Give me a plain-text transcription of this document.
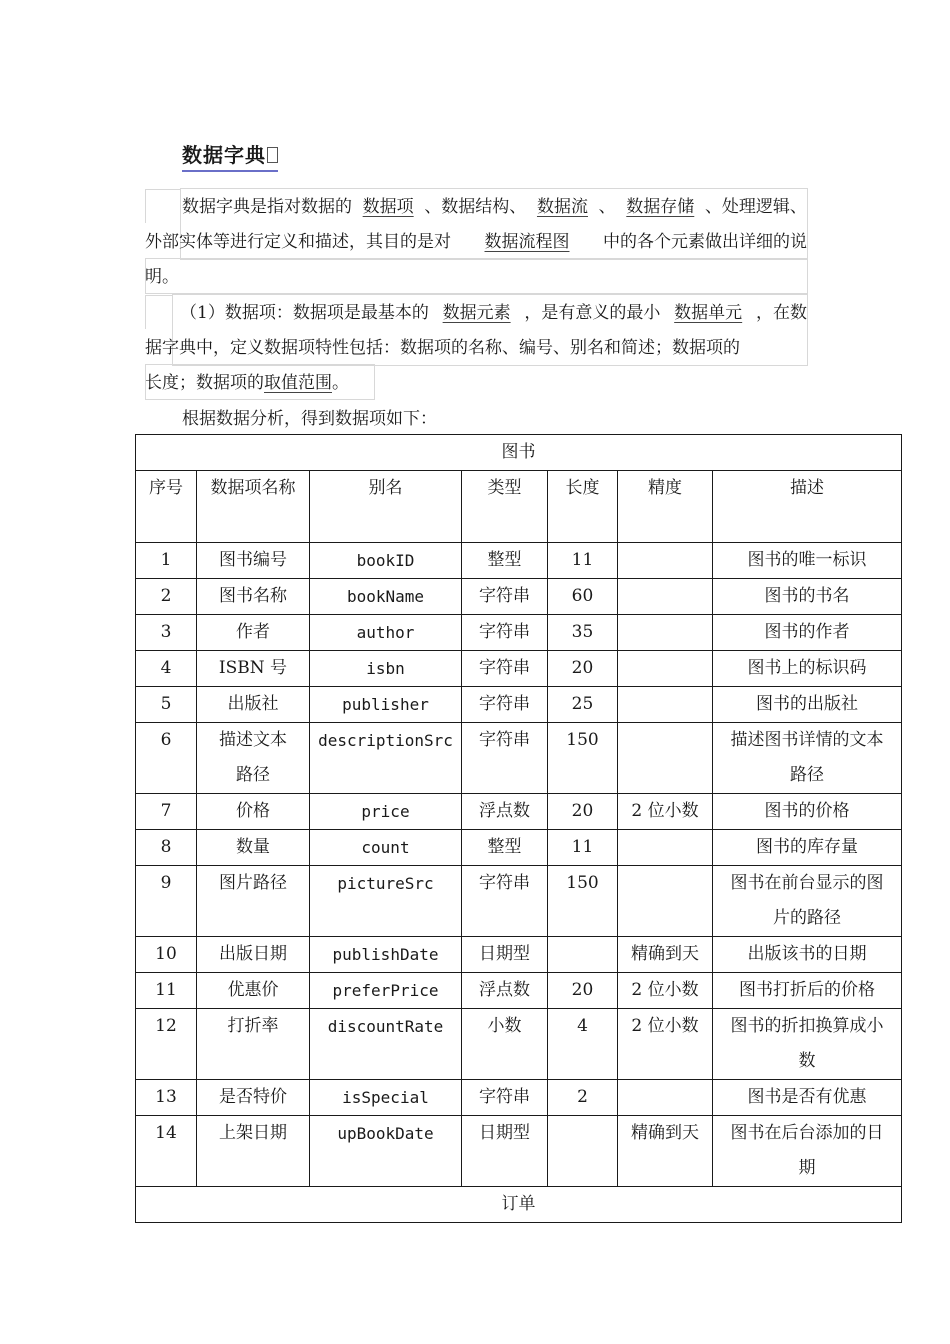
数据字典
数据字典是指对数据的 数据项 、数据结构、 数据流 、 数据存储 、处理逻辑、
外部实体等进行定义和描述，其目的是对 数据流程图 中的各个元素做出详细的说
明。
（1）数据项：数据项是最基本的 数据元素 ，是有意义的最小 数据单元 ，在数
据字典中，定义数据项特性包括：数据项的名称、编号、别名和简述；数据项的
长度；数据项的取值范围。
根据数据分析，得到数据项如下：
图书						
序号	数据项名称	别名	类型	长度	精度	描述
1	图书编号	bookID	整型	11		图书的唯一标识
2	图书名称	bookName	字符串	60		图书的书名
3	作者	author	字符串	35		图书的作者
4	ISBN 号	isbn	字符串	20		图书上的标识码
5	出版社	publisher	字符串	25		图书的出版社
6	描述文本路径	descriptionSrc	字符串	150		描述图书详情的文本路径
7	价格	price	浮点数	20	2 位小数	图书的价格
8	数量	count	整型	11		图书的库存量
9	图片路径	pictureSrc	字符串	150		图书在前台显示的图片的路径
10	出版日期	publishDate	日期型		精确到天	出版该书的日期
11	优惠价	preferPrice	浮点数	20	2 位小数	图书打折后的价格
12	打折率	discountRate	小数	4	2 位小数	图书的折扣换算成小数
13	是否特价	isSpecial	字符串	2		图书是否有优惠
14	上架日期	upBookDate	日期型		精确到天	图书在后台添加的日期
订单						
